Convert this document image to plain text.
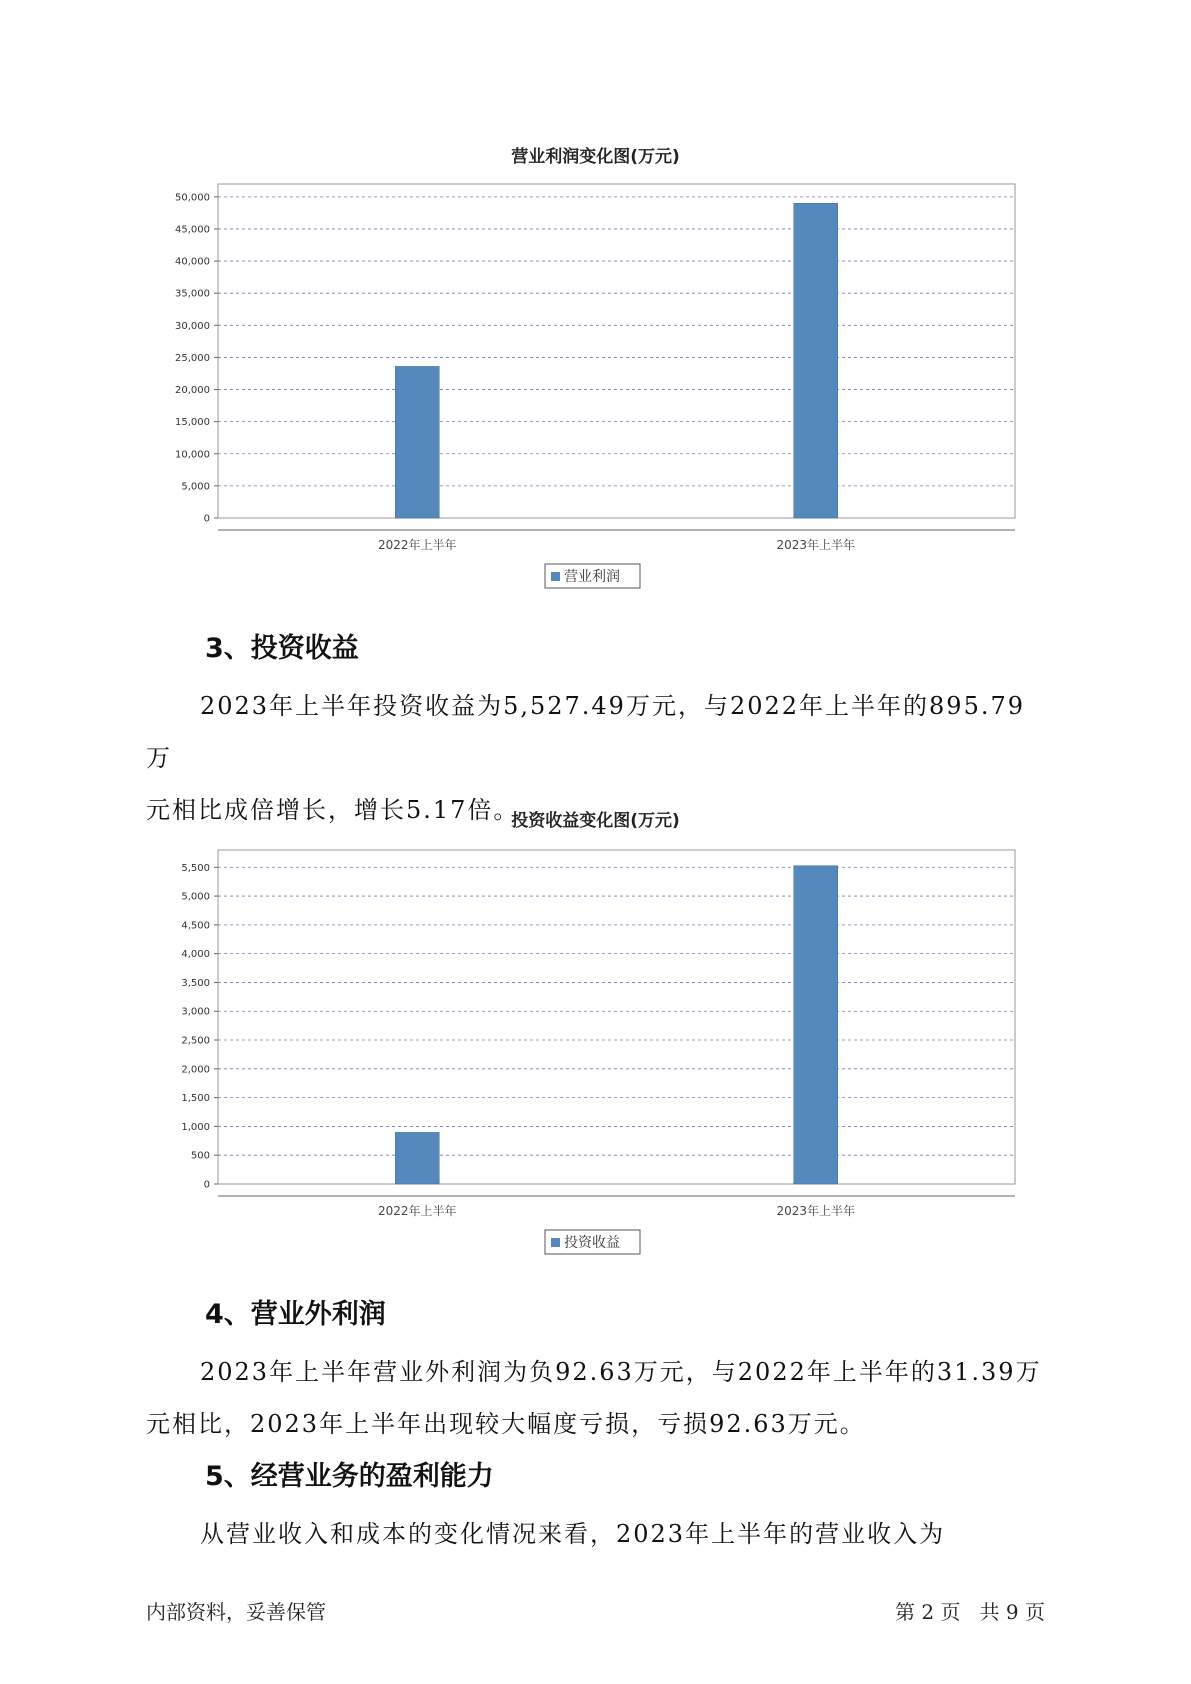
营业利润变化图(万元)
0
5,000
10,000
15,000
20,000
25,000
30,000
35,000
40,000
45,000
50,000
2022年上半年	2023年上半年
营业利润
3、投资收益
2023年上半年投资收益为5,527.49万元，与2022年上半年的895.79万
元相比成倍增长，增长5.17倍。
投资收益变化图(万元)
0
500
1,000
1,500
2,000
2,500
3,000
3,500
4,000
4,500
5,000
5,500
2022年上半年	2023年上半年
投资收益
4、营业外利润
2023年上半年营业外利润为负92.63万元，与2022年上半年的31.39万
元相比，2023年上半年出现较大幅度亏损，亏损92.63万元。
5、经营业务的盈利能力
从营业收入和成本的变化情况来看，2023年上半年的营业收入为
内部资料，妥善保管	第 2 页   共 9 页
